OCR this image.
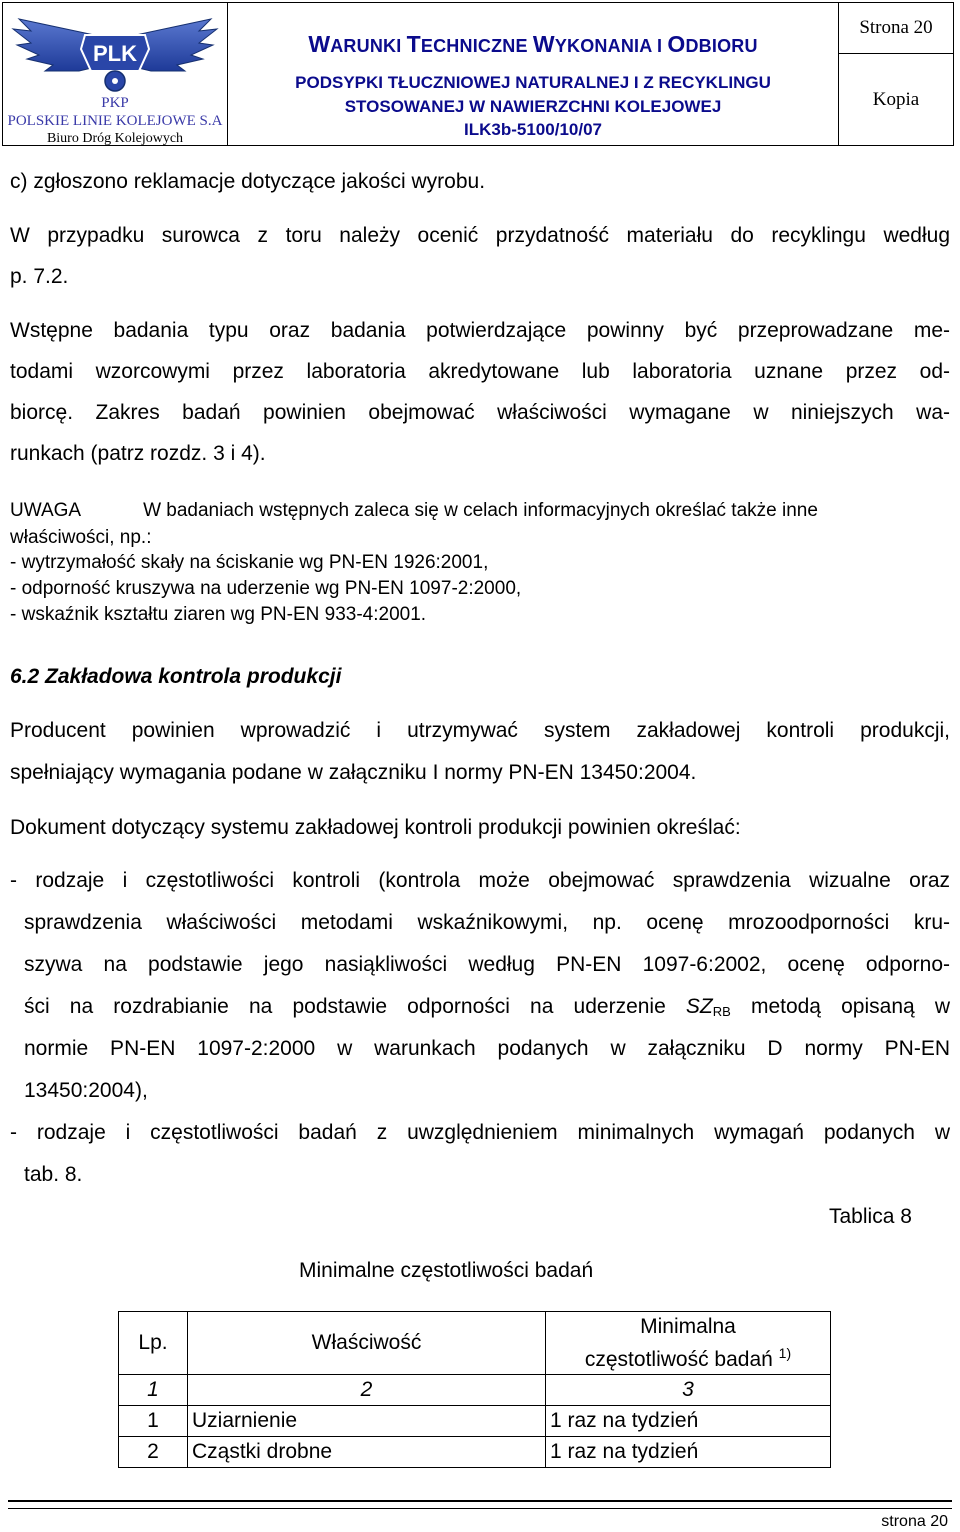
PLK
PKP
POLSKIE LINIE KOLEJOWE S.A
Biuro Dróg Kolejowych
WARUNKI TECHNICZNE WYKONANIA I ODBIORU
PODSYPKI TŁUCZNIOWEJ NATURALNEJ I Z RECYKLINGU
STOSOWANEJ W NAWIERZCHNI KOLEJOWEJ
ILK3b-5100/10/07
Strona 20
Kopia
c) zgłoszono reklamacje dotyczące jakości wyrobu.
W przypadku surowca z toru należy ocenić przydatność materiału do recyklingu według
p. 7.2.
Wstępne badania typu oraz badania potwierdzające powinny być przeprowadzane me-
todami wzorcowymi przez laboratoria akredytowane lub laboratoria uznane przez od-
biorcę. Zakres badań powinien obejmować właściwości wymagane w niniejszych wa-
runkach (patrz rozdz. 3 i 4).
UWAGA	W badaniach wstępnych zaleca się w celach informacyjnych określać także inne
właściwości, np.:
- wytrzymałość skały na ściskanie wg PN-EN 1926:2001,
- odporność kruszywa na uderzenie wg PN-EN 1097-2:2000,
- wskaźnik kształtu ziaren wg PN-EN 933-4:2001.
6.2 Zakładowa kontrola produkcji
Producent powinien wprowadzić i utrzymywać system zakładowej kontroli produkcji,
spełniający wymagania podane w załączniku I normy PN-EN 13450:2004.
Dokument dotyczący systemu zakładowej kontroli produkcji powinien określać:
- rodzaje i częstotliwości kontroli (kontrola może obejmować sprawdzenia wizualne oraz
sprawdzenia właściwości metodami wskaźnikowymi, np. ocenę mrozoodporności kru-
szywa na podstawie jego nasiąkliwości według PN-EN 1097-6:2002, ocenę odporno-
ści na rozdrabianie na podstawie odporności na uderzenie $SZ_{RB}$ metodą opisaną w
normie PN-EN 1097-2:2000 w warunkach podanych w załączniku D normy PN-EN
13450:2004),
- rodzaje i częstotliwości badań z uwzględnieniem minimalnych wymagań podanych w
tab. 8.
Tablica 8
Minimalne częstotliwości badań
Lp.	Właściwość	Minimalna
częstotliwość badań $^{1)}$

1	2	3
1	Uziarnienie	1 raz na tydzień
2	Cząstki drobne	1 raz na tydzień
strona 20
